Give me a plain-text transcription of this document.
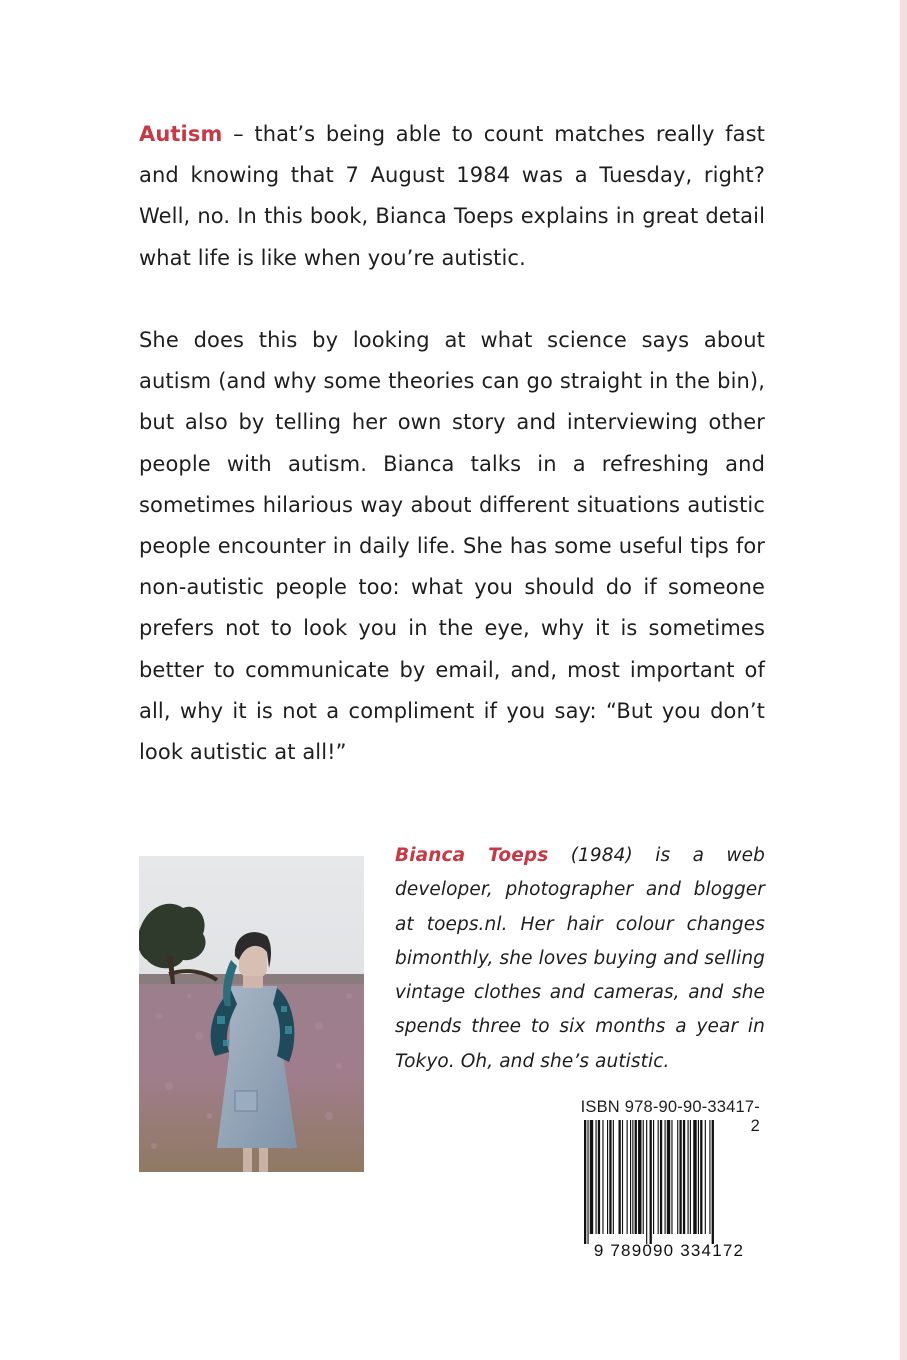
Autism – that’s being able to count matches really fast and knowing that 7 August 1984 was a Tuesday, right? Well, no. In this book, Bianca Toeps explains in great detail what life is like when you’re autistic.

She does this by looking at what science says about autism (and why some theories can go straight in the bin), but also by telling her own story and interviewing other people with autism. Bianca talks in a refreshing and sometimes hilarious way about different situations autistic people encounter in daily life. She has some useful tips for non-autistic people too: what you should do if someone prefers not to look you in the eye, why it is sometimes better to communicate by email, and, most important of all, why it is not a compliment if you say: “But you don’t look autistic at all!”

Bianca Toeps (1984) is a web developer, photographer and blogger at toeps.nl. Her hair colour changes bimonthly, she loves buying and selling vintage clothes and cameras, and she spends three to six months a year in Tokyo. Oh, and she’s autistic.

ISBN 978-90-90-33417-2
9 789090 334172
